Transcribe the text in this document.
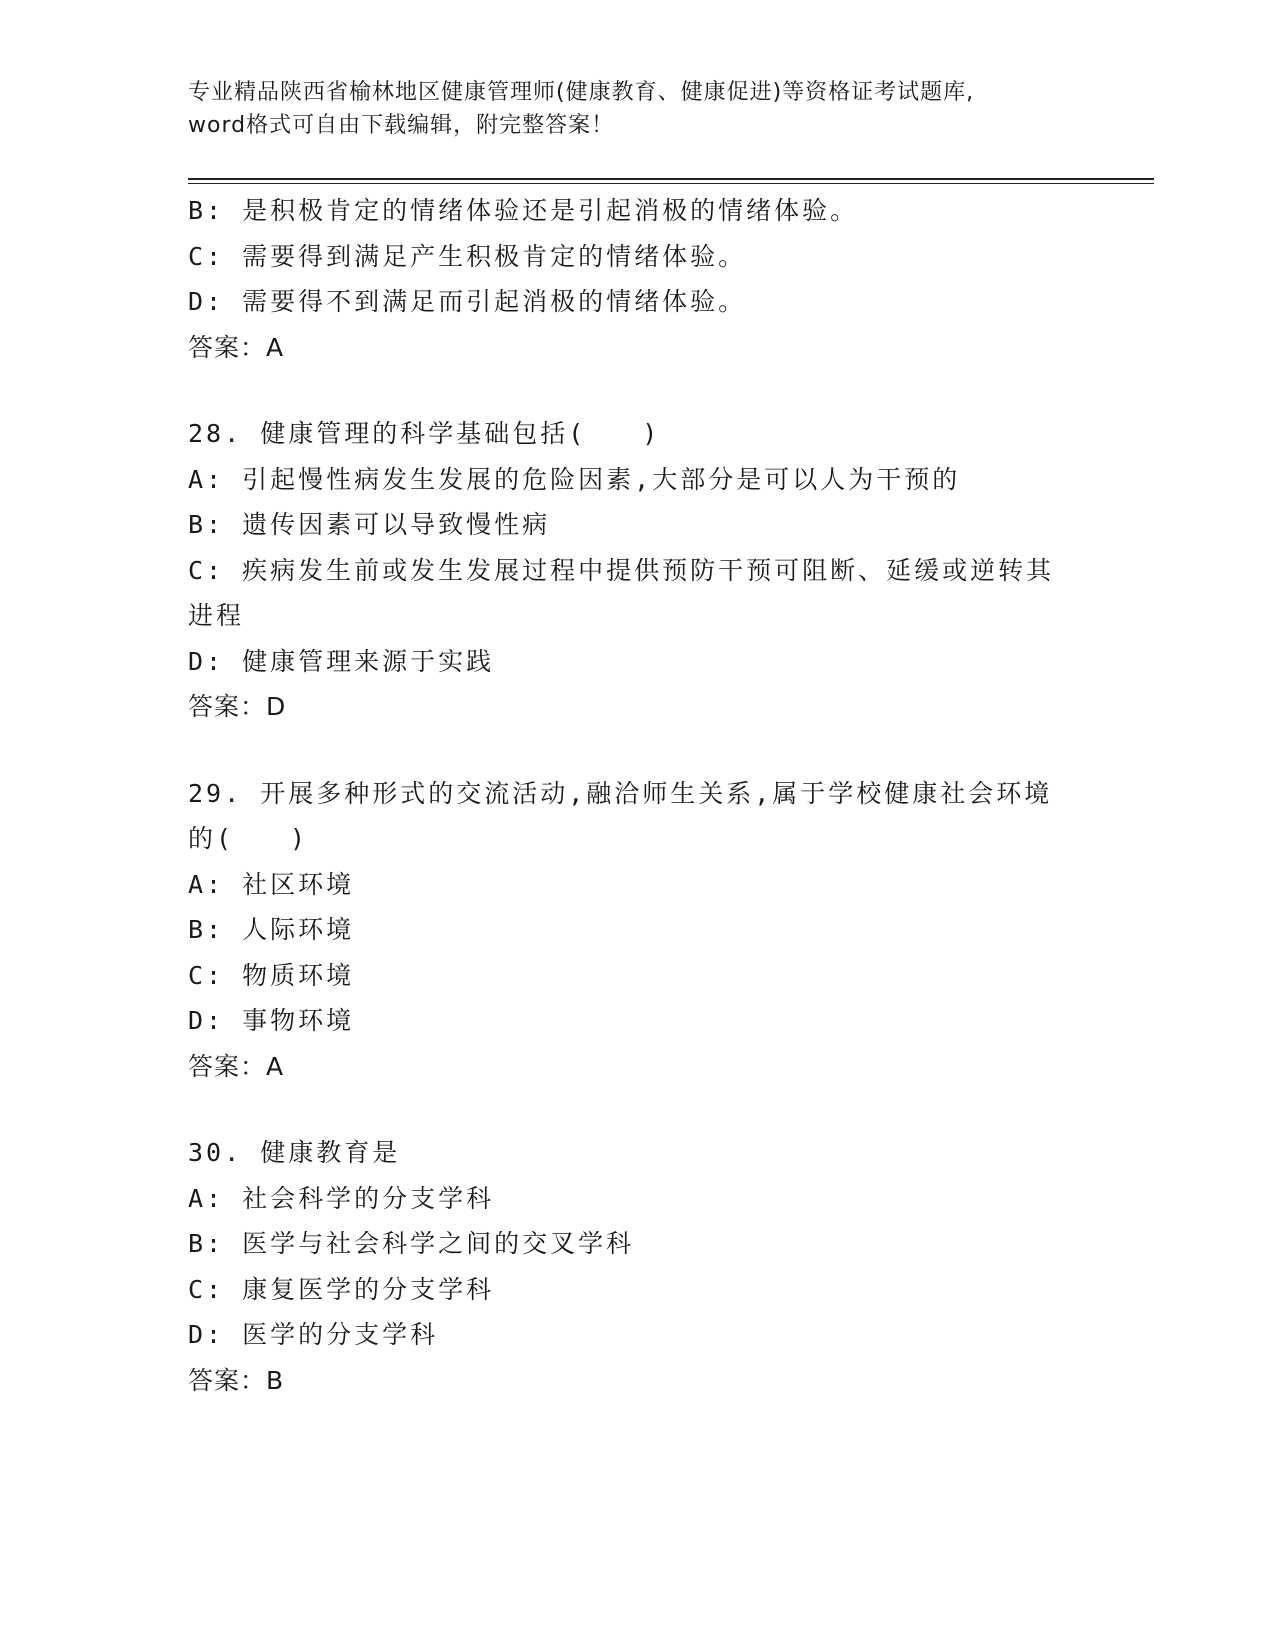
专业精品陕西省榆林地区健康管理师(健康教育、健康促进)等资格证考试题库,
word格式可自由下载编辑，附完整答案！
B: 是积极肯定的情绪体验还是引起消极的情绪体验。
C: 需要得到满足产生积极肯定的情绪体验。
D: 需要得不到满足而引起消极的情绪体验。
答案：A
28. 健康管理的科学基础包括(　　)
A: 引起慢性病发生发展的危险因素,大部分是可以人为干预的
B: 遗传因素可以导致慢性病
C: 疾病发生前或发生发展过程中提供预防干预可阻断、延缓或逆转其
进程
D: 健康管理来源于实践
答案：D
29. 开展多种形式的交流活动,融洽师生关系,属于学校健康社会环境
的(　　)
A: 社区环境
B: 人际环境
C: 物质环境
D: 事物环境
答案：A
30. 健康教育是
A: 社会科学的分支学科
B: 医学与社会科学之间的交叉学科
C: 康复医学的分支学科
D: 医学的分支学科
答案：B
